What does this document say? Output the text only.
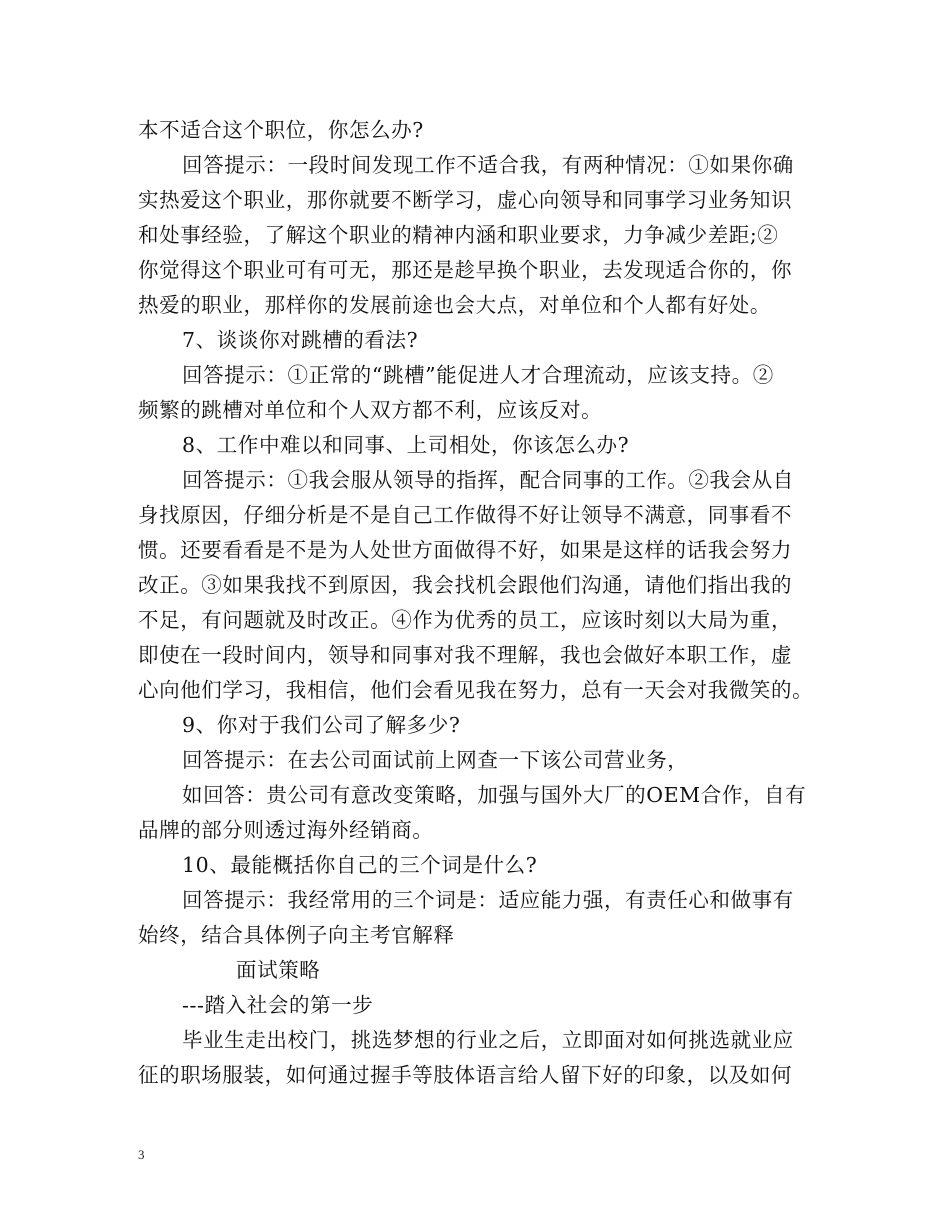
本不适合这个职位，你怎么办?
回答提示：一段时间发现工作不适合我，有两种情况：①如果你确
实热爱这个职业，那你就要不断学习，虚心向领导和同事学习业务知识
和处事经验，了解这个职业的精神内涵和职业要求，力争减少差距;②
你觉得这个职业可有可无，那还是趁早换个职业，去发现适合你的，你
热爱的职业，那样你的发展前途也会大点，对单位和个人都有好处。
7、谈谈你对跳槽的看法?
回答提示：①正常的“跳槽”能促进人才合理流动，应该支持。②
频繁的跳槽对单位和个人双方都不利，应该反对。
8、工作中难以和同事、上司相处，你该怎么办?
回答提示：①我会服从领导的指挥，配合同事的工作。②我会从自
身找原因，仔细分析是不是自己工作做得不好让领导不满意，同事看不
惯。还要看看是不是为人处世方面做得不好，如果是这样的话我会努力
改正。③如果我找不到原因，我会找机会跟他们沟通，请他们指出我的
不足，有问题就及时改正。④作为优秀的员工，应该时刻以大局为重，
即使在一段时间内，领导和同事对我不理解，我也会做好本职工作，虚
心向他们学习，我相信，他们会看见我在努力，总有一天会对我微笑的。
9、你对于我们公司了解多少?
回答提示：在去公司面试前上网查一下该公司营业务，
如回答：贵公司有意改变策略，加强与国外大厂的OEM合作，自有
品牌的部分则透过海外经销商。
10、最能概括你自己的三个词是什么?
回答提示：我经常用的三个词是：适应能力强，有责任心和做事有
始终，结合具体例子向主考官解释
面试策略
---踏入社会的第一步
毕业生走出校门，挑选梦想的行业之后，立即面对如何挑选就业应
征的职场服装，如何通过握手等肢体语言给人留下好的印象，以及如何
3
